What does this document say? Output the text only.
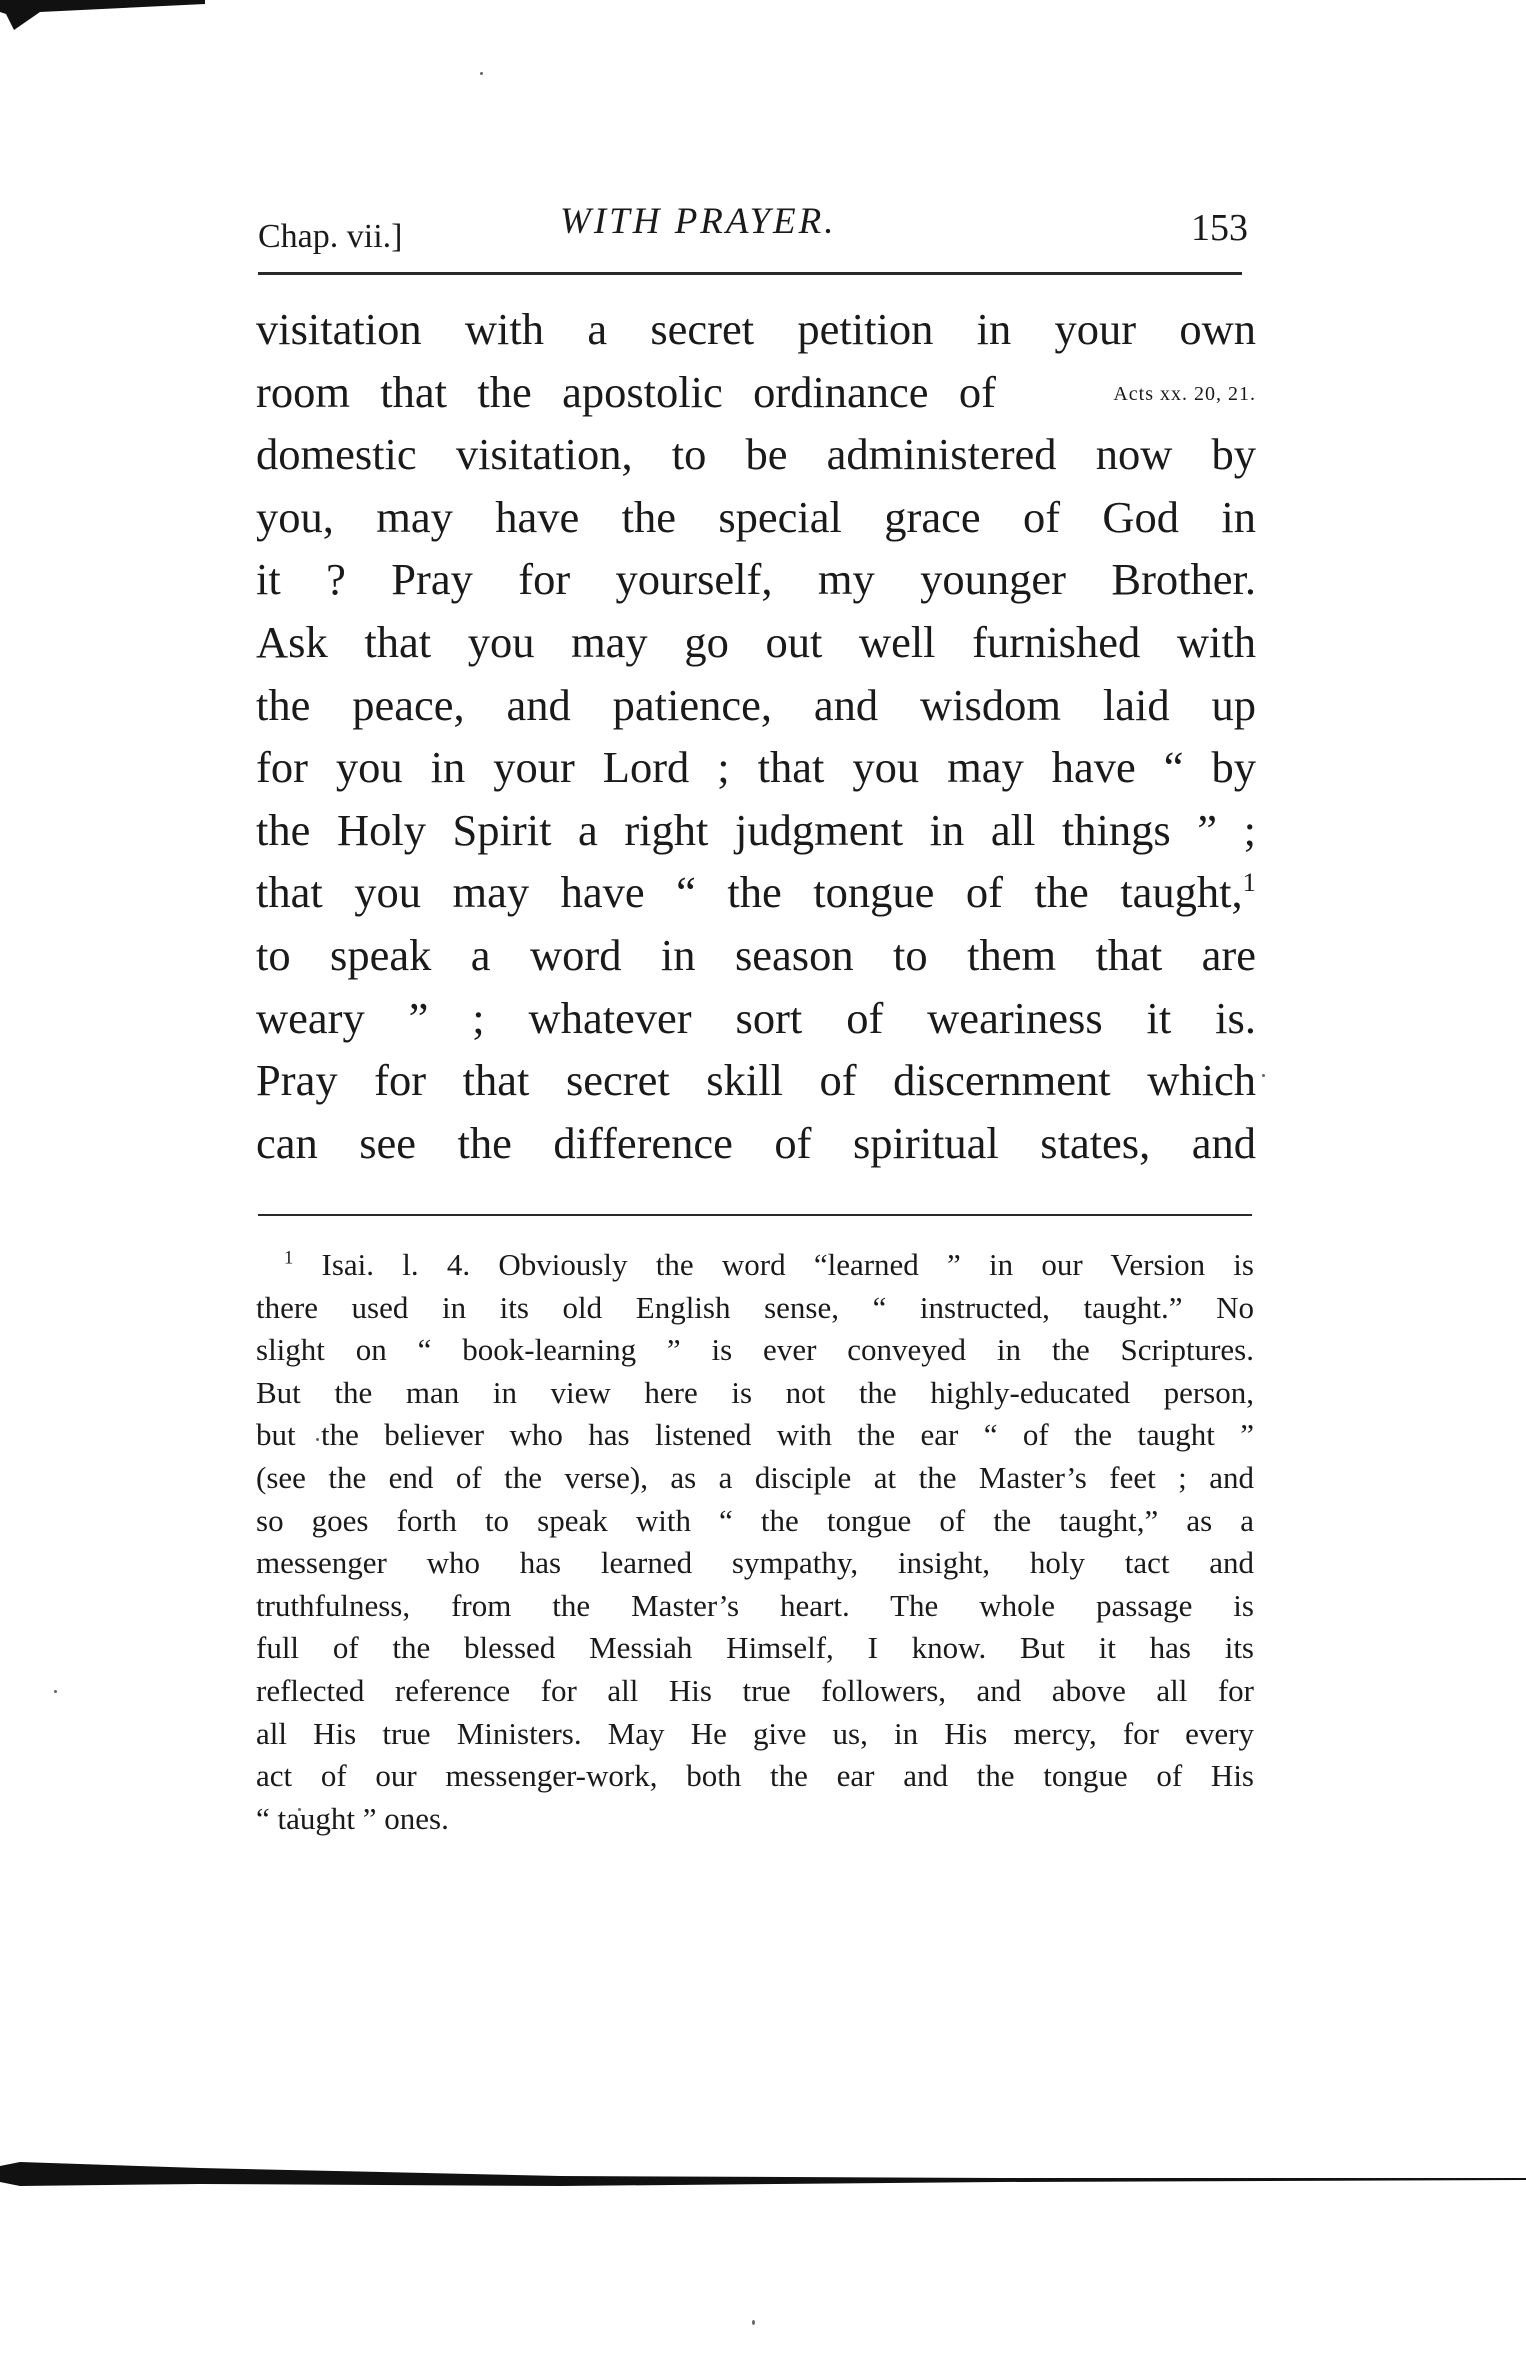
Chap. vii.]	WITH PRAYER.	153
visitation with a secret petition in your own
room that the apostolic ordinance of	Acts xx. 20, 21.
domestic visitation, to be administered now by
you, may have the special grace of God in
it ? Pray for yourself, my younger Brother.
Ask that you may go out well furnished with
the peace, and patience, and wisdom laid up
for you in your Lord ; that you may have “ by
the Holy Spirit a right judgment in all things ” ;
that you may have “ the tongue of the taught,$^1$
to speak a word in season to them that are
weary ” ; whatever sort of weariness it is.
Pray for that secret skill of discernment which
can see the difference of spiritual states, and
$^1$ Isai. l. 4. Obviously the word “learned ” in our Version is
there used in its old English sense, “ instructed, taught.” No
slight on “ book-learning ” is ever conveyed in the Scriptures.
But the man in view here is not the highly-educated person,
but the believer who has listened with the ear “ of the taught ”
(see the end of the verse), as a disciple at the Master’s feet ; and
so goes forth to speak with “ the tongue of the taught,” as a
messenger who has learned sympathy, insight, holy tact and
truthfulness, from the Master’s heart. The whole passage is
full of the blessed Messiah Himself, I know. But it has its
reflected reference for all His true followers, and above all for
all His true Ministers. May He give us, in His mercy, for every
act of our messenger-work, both the ear and the tongue of His
“ taught ” ones.
